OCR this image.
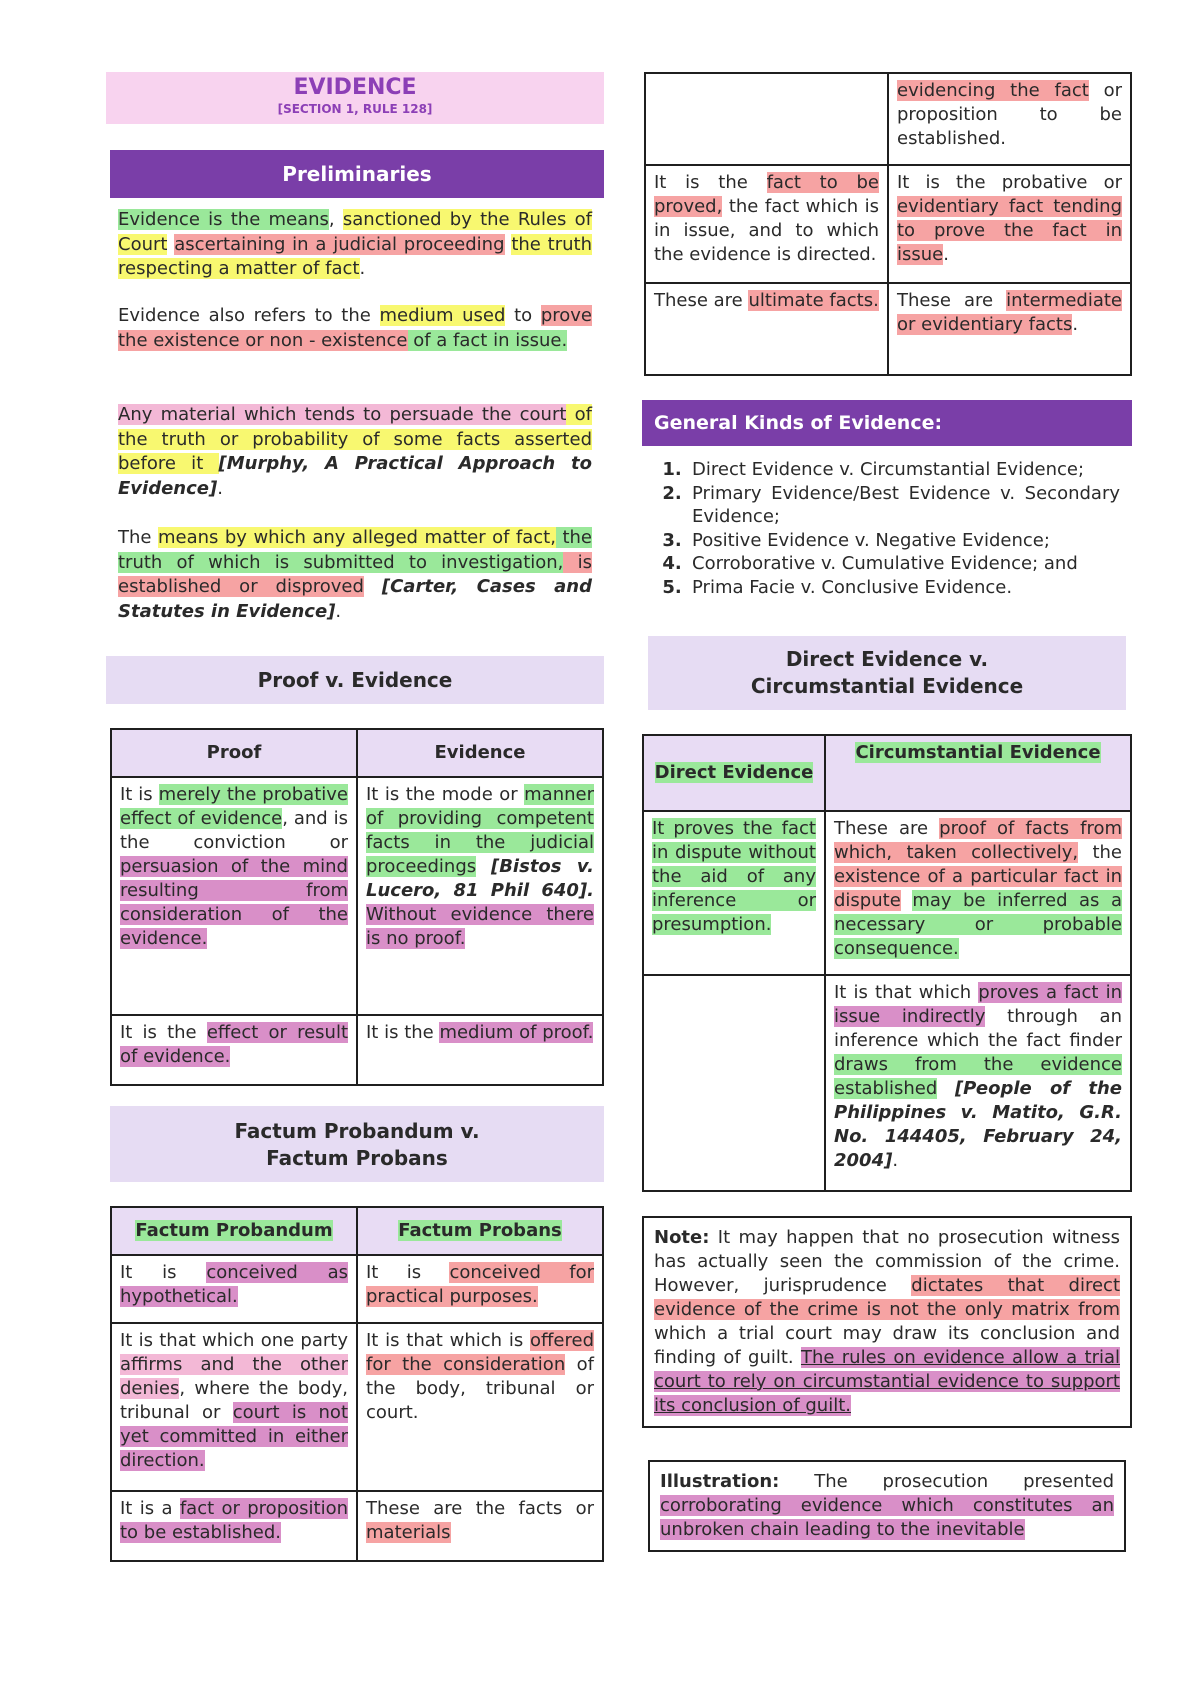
EVIDENCE
[SECTION 1, RULE 128]
Preliminaries

Evidence is the means, sanctioned by the Rules of Court ascertaining in a judicial proceeding the truth respecting a matter of fact.

Evidence also refers to the medium used to prove the existence or non - existence of a fact in issue.

Any material which tends to persuade the court of the truth or probability of some facts asserted before it [Murphy, A Practical Approach to Evidence].

The means by which any alleged matter of fact, the truth of which is submitted to investigation, is established or disproved [Carter, Cases and Statutes in Evidence].

Proof v. Evidence
Proof	Evidence
It is merely the probative effect of evidence, and is the conviction or persuasion of the mind resulting from consideration of the evidence.	It is the mode or manner of providing competent facts in the judicial proceedings [Bistos v. Lucero, 81 Phil 640]. Without evidence there is no proof.
It is the effect or result of evidence.	It is the medium of proof.
Factum Probandum v.
Factum Probans
Factum Probandum	Factum Probans
It is conceived as hypothetical.	It is conceived for practical purposes.
It is that which one party affirms and the other denies, where the body, tribunal or court is not yet committed in either direction.	It is that which is offered for the consideration of the body, tribunal or court.
It is a fact or proposition to be established.	These are the facts or materials
	evidencing the fact or proposition to be established.
It is the fact to be proved, the fact which is in issue, and to which the evidence is directed.	It is the probative or evidentiary fact tending to prove the fact in issue.
These are ultimate facts.	These are intermediate or evidentiary facts.
General Kinds of Evidence:
1. Direct Evidence v. Circumstantial Evidence;
2. Primary Evidence/Best Evidence v. Secondary Evidence;
3. Positive Evidence v. Negative Evidence;
4. Corroborative v. Cumulative Evidence; and
5. Prima Facie v. Conclusive Evidence.
Direct Evidence v.
Circumstantial Evidence
Direct Evidence	Circumstantial Evidence
It proves the fact in dispute without the aid of any inference or presumption.	These are proof of facts from which, taken collectively, the existence of a particular fact in dispute may be inferred as a necessary or probable consequence.
	It is that which proves a fact in issue indirectly through an inference which the fact finder draws from the evidence established [People of the Philippines v. Matito, G.R. No. 144405, February 24, 2004].
Note: It may happen that no prosecution witness has actually seen the commission of the crime. However, jurisprudence dictates that direct evidence of the crime is not the only matrix from which a trial court may draw its conclusion and finding of guilt. The rules on evidence allow a trial court to rely on circumstantial evidence to support its conclusion of guilt.
Illustration: The prosecution presented corroborating evidence which constitutes an unbroken chain leading to the inevitable
